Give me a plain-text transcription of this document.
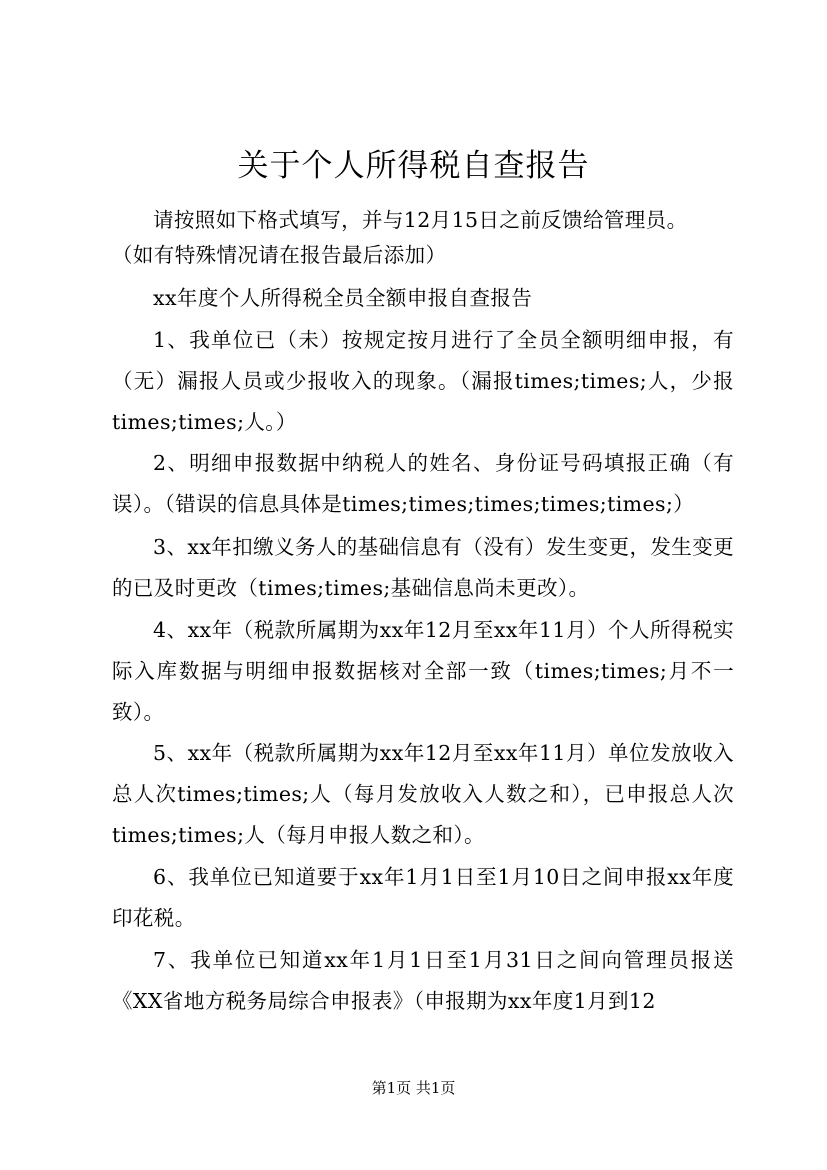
关于个人所得税自查报告
请按照如下格式填写，并与12月15日之前反馈给管理员。
（如有特殊情况请在报告最后添加）
xx年度个人所得税全员全额申报自查报告
1、我单位已（未）按规定按月进行了全员全额明细申报，有（无）漏报人员或少报收入的现象。（漏报times;times;人，少报times;times;人。）
2、明细申报数据中纳税人的姓名、身份证号码填报正确（有误）。（错误的信息具体是times;times;times;times;times;）
3、xx年扣缴义务人的基础信息有（没有）发生变更，发生变更的已及时更改（times;times;基础信息尚未更改）。
4、xx年（税款所属期为xx年12月至xx年11月）个人所得税实际入库数据与明细申报数据核对全部一致（times;times;月不一致）。
5、xx年（税款所属期为xx年12月至xx年11月）单位发放收入总人次times;times;人（每月发放收入人数之和），已申报总人次times;times;人（每月申报人数之和）。
6、我单位已知道要于xx年1月1日至1月10日之间申报xx年度印花税。
7、我单位已知道xx年1月1日至1月31日之间向管理员报送《XX省地方税务局综合申报表》（申报期为xx年度1月到12
第1页 共1页
